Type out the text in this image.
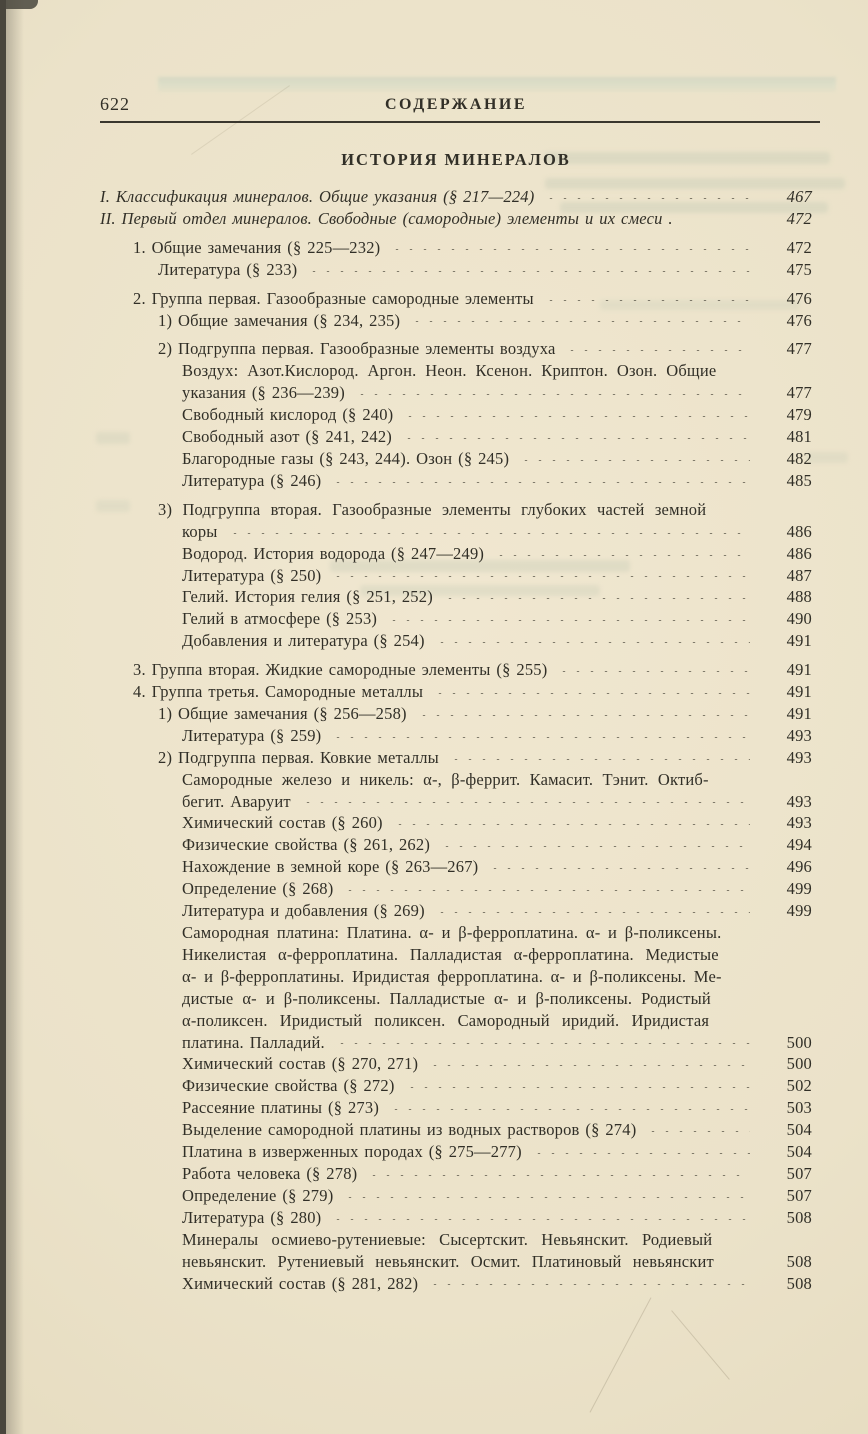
622	СОДЕРЖАНИЕ
ИСТОРИЯ МИНЕРАЛОВ
I. Классификация минералов. Общие указания (§ 217—224)	467
II. Первый отдел минералов. Свободные (самородные) элементы и их смеси .	472
1. Общие замечания (§ 225—232)	472
Литература (§ 233)	475
2. Группа первая. Газообразные самородные элементы	476
1) Общие замечания (§ 234, 235)	476
2) Подгруппа первая. Газообразные элементы воздуха	477
Воздух: Азот.Кислород. Аргон. Неон. Ксенон. Криптон. Озон. Общие
указания (§ 236—239)	477
Свободный кислород (§ 240)	479
Свободный азот (§ 241, 242)	481
Благородные газы (§ 243, 244). Озон (§ 245)	482
Литература (§ 246)	485
3) Подгруппа вторая. Газообразные элементы глубоких частей земной
коры	486
Водород. История водорода (§ 247—249)	486
Литература (§ 250)	487
Гелий. История гелия (§ 251, 252)	488
Гелий в атмосфере (§ 253)	490
Добавления и литература (§ 254)	491
3. Группа вторая. Жидкие самородные элементы (§ 255)	491
4. Группа третья. Самородные металлы	491
1) Общие замечания (§ 256—258)	491
Литература (§ 259)	493
2) Подгруппа первая. Ковкие металлы	493
Самородные железо и никель: α-, β-феррит. Камасит. Тэнит. Октиб-
бегит. Аваруит	493
Химический состав (§ 260)	493
Физические свойства (§ 261, 262)	494
Нахождение в земной коре (§ 263—267)	496
Определение (§ 268)	499
Литература и добавления (§ 269)	499
Самородная платина: Платина. α- и β-ферроплатина. α- и β-поликсены.
Никелистая α-ферроплатина. Палладистая α-ферроплатина. Медистые
α- и β-ферроплатины. Иридистая ферроплатина. α- и β-поликсены. Ме-
дистые α- и β-поликсены. Палладистые α- и β-поликсены. Родистый
α-поликсен. Иридистый поликсен. Самородный иридий. Иридистая
платина. Палладий.	500
Химический состав (§ 270, 271)	500
Физические свойства (§ 272)	502
Рассеяние платины (§ 273)	503
Выделение самородной платины из водных растворов (§ 274)	504
Платина в изверженных породах (§ 275—277)	504
Работа человека (§ 278)	507
Определение (§ 279)	507
Литература (§ 280)	508
Минералы осмиево-рутениевые: Сысертскит. Невьянскит. Родиевый
невьянскит. Рутениевый невьянскит. Осмит. Платиновый невьянскит	508
Химический состав (§ 281, 282)	508
